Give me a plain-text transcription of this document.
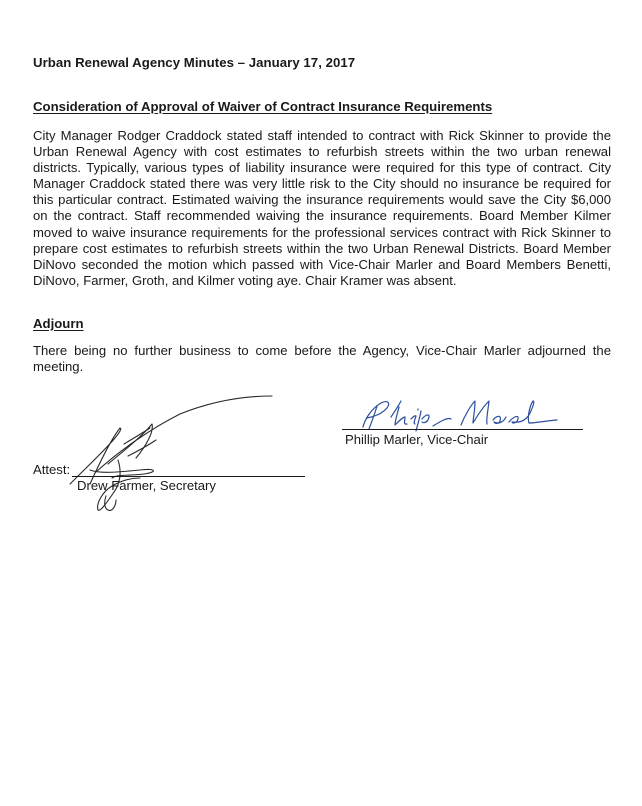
Urban Renewal Agency Minutes – January 17, 2017
Consideration of Approval of Waiver of Contract Insurance Requirements

City Manager Rodger Craddock stated staff intended to contract with Rick Skinner to provide the Urban Renewal Agency with cost estimates to refurbish streets within the two urban renewal districts. Typically, various types of liability insurance were required for this type of contract. City Manager Craddock stated there was very little risk to the City should no insurance be required for this particular contract. Estimated waiving the insurance requirements would save the City $6,000 on the contract. Staff recommended waiving the insurance requirements. Board Member Kilmer moved to waive insurance requirements for the professional services contract with Rick Skinner to prepare cost estimates to refurbish streets within the two Urban Renewal Districts. Board Member DiNovo seconded the motion which passed with Vice-Chair Marler and Board Members Benetti, DiNovo, Farmer, Groth, and Kilmer voting aye. Chair Kramer was absent.

Adjourn

There being no further business to come before the Agency, Vice-Chair Marler adjourned the meeting.

Phillip Marler, Vice-Chair
Attest:
Drew Farmer, Secretary
